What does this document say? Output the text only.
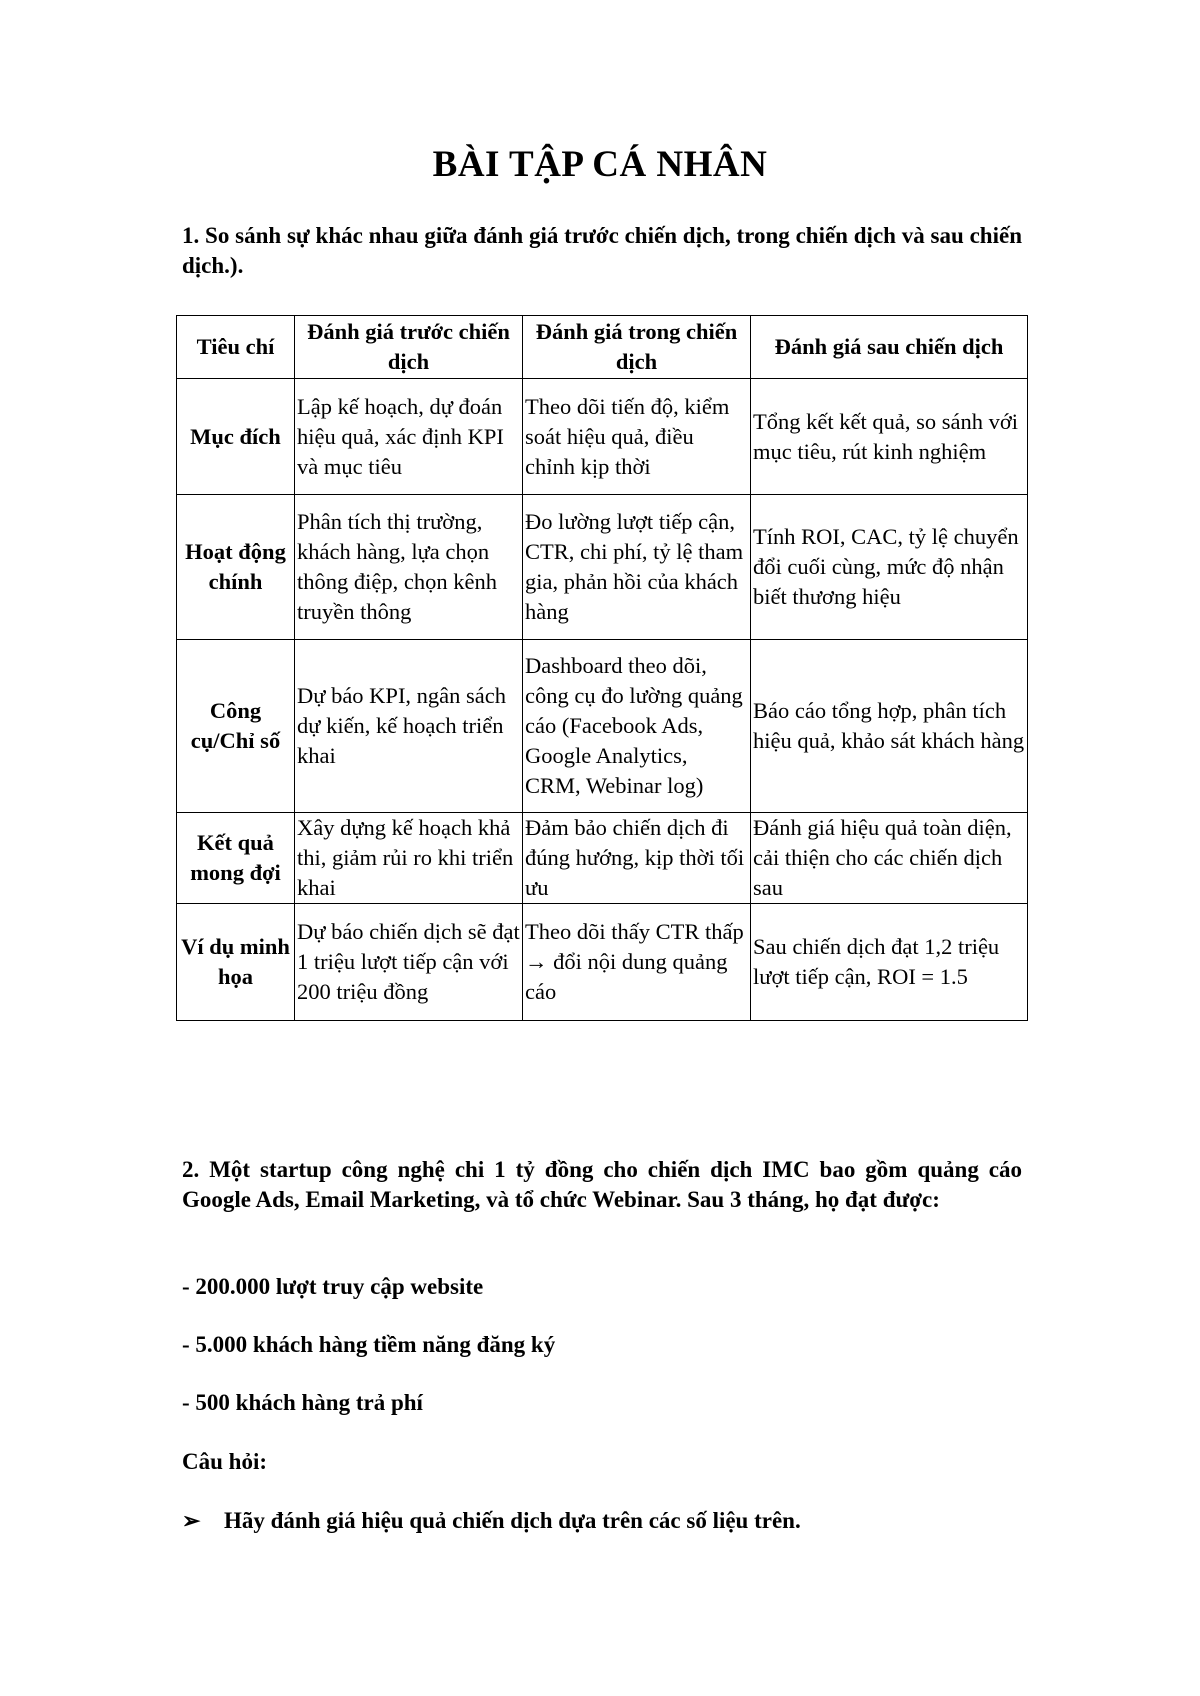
BÀI TẬP CÁ NHÂN
1. So sánh sự khác nhau giữa đánh giá trước chiến dịch, trong chiến dịch và sau chiến dịch.).
Tiêu chí	Đánh giá trước chiến dịch	Đánh giá trong chiến dịch	Đánh giá sau chiến dịch
Mục đích	Lập kế hoạch, dự đoán hiệu quả, xác định KPI và mục tiêu	Theo dõi tiến độ, kiểm soát hiệu quả, điều chỉnh kịp thời	Tổng kết kết quả, so sánh với mục tiêu, rút kinh nghiệm
Hoạt động chính	Phân tích thị trường, khách hàng, lựa chọn thông điệp, chọn kênh truyền thông	Đo lường lượt tiếp cận, CTR, chi phí, tỷ lệ tham gia, phản hồi của khách hàng	Tính ROI, CAC, tỷ lệ chuyển đổi cuối cùng, mức độ nhận biết thương hiệu
Công cụ/Chỉ số	Dự báo KPI, ngân sách dự kiến, kế hoạch triển khai	Dashboard theo dõi, công cụ đo lường quảng cáo (Facebook Ads, Google Analytics, CRM, Webinar log)	Báo cáo tổng hợp, phân tích hiệu quả, khảo sát khách hàng
Kết quả mong đợi	Xây dựng kế hoạch khả thi, giảm rủi ro khi triển khai	Đảm bảo chiến dịch đi đúng hướng, kịp thời tối ưu	Đánh giá hiệu quả toàn diện, cải thiện cho các chiến dịch sau
Ví dụ minh họa	Dự báo chiến dịch sẽ đạt 1 triệu lượt tiếp cận với 200 triệu đồng	Theo dõi thấy CTR thấp → đổi nội dung quảng cáo	Sau chiến dịch đạt 1,2 triệu lượt tiếp cận, ROI = 1.5
2. Một startup công nghệ chi 1 tỷ đồng cho chiến dịch IMC bao gồm quảng cáo Google Ads, Email Marketing, và tổ chức Webinar. Sau 3 tháng, họ đạt được:
- 200.000 lượt truy cập website
- 5.000 khách hàng tiềm năng đăng ký
- 500 khách hàng trả phí
Câu hỏi:
➢ Hãy đánh giá hiệu quả chiến dịch dựa trên các số liệu trên.
